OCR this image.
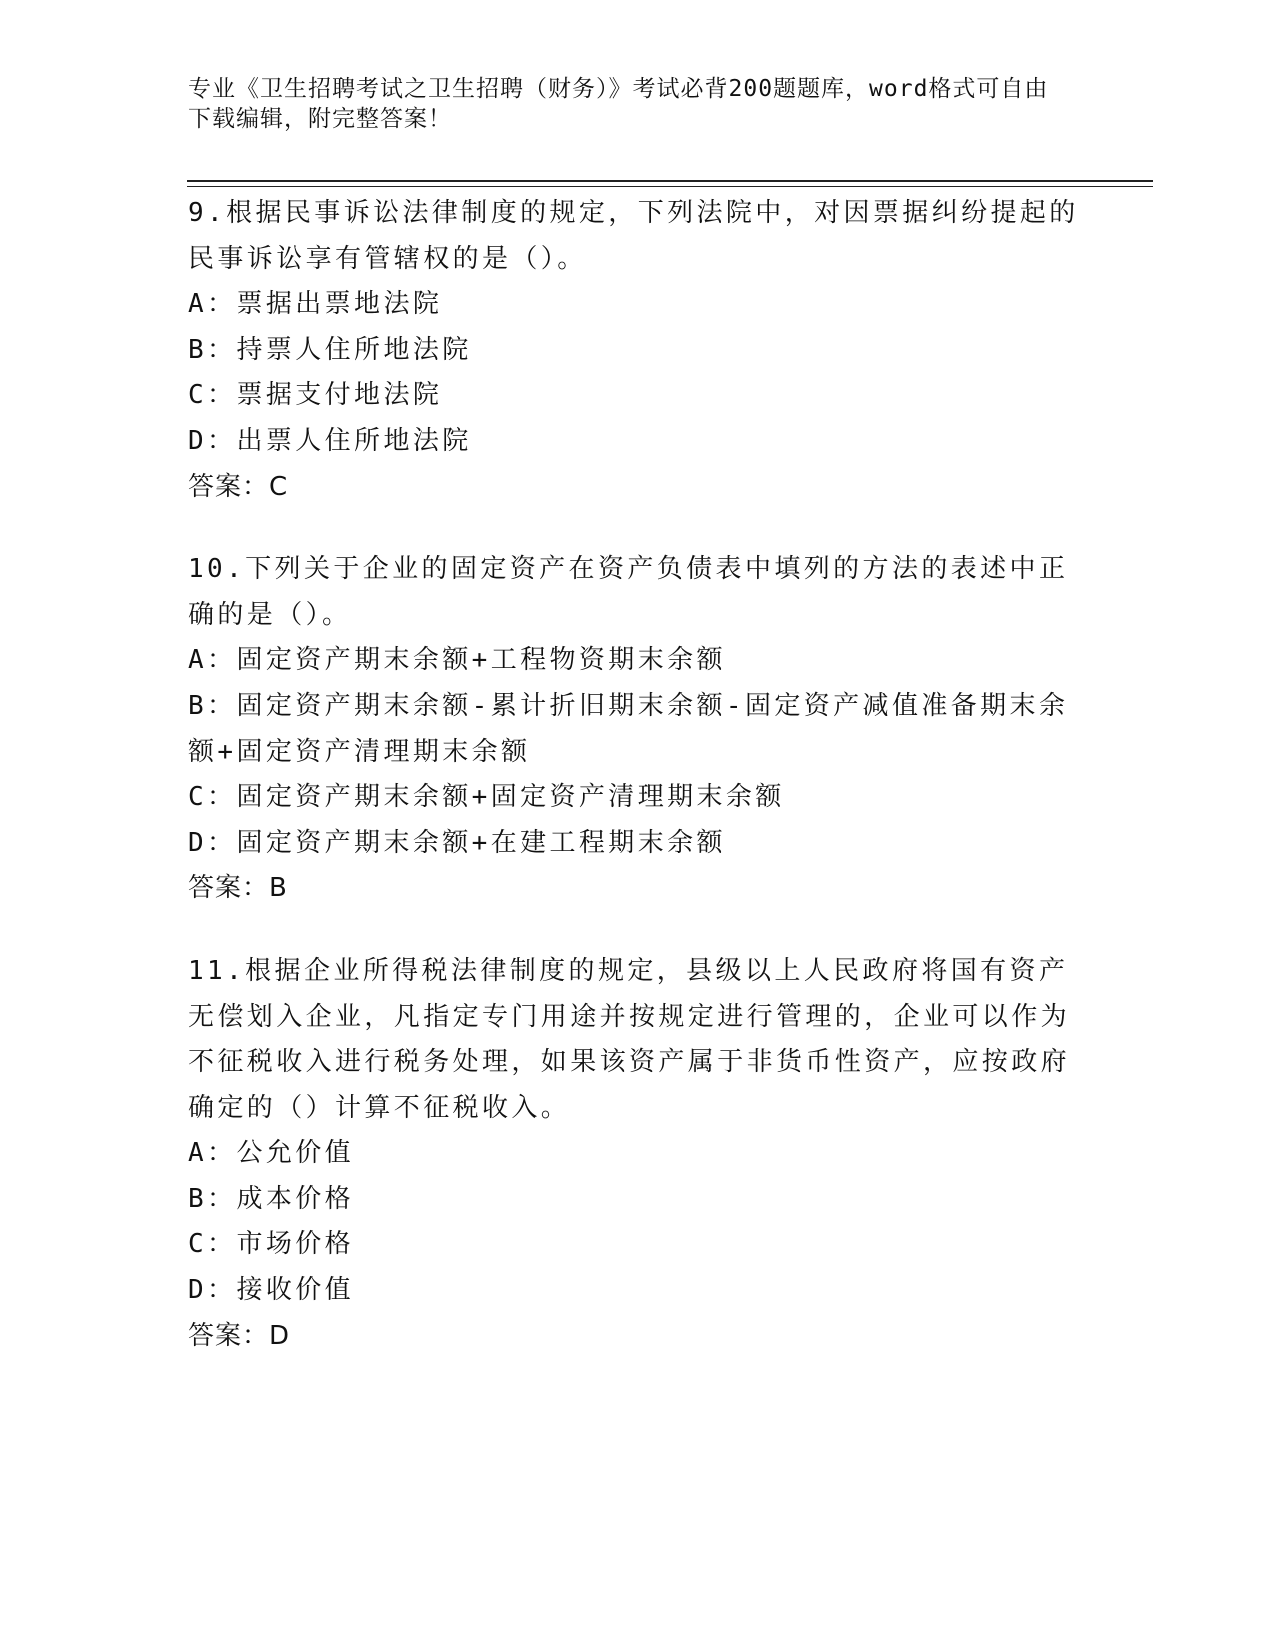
专业《卫生招聘考试之卫生招聘（财务）》考试必背200题题库，word格式可自由下载编辑，附完整答案！

9.根据民事诉讼法律制度的规定，下列法院中，对因票据纠纷提起的民事诉讼享有管辖权的是（）。

A：票据出票地法院

B：持票人住所地法院

C：票据支付地法院

D：出票人住所地法院

答案：C

10.下列关于企业的固定资产在资产负债表中填列的方法的表述中正确的是（）。

A：固定资产期末余额+工程物资期末余额

B：固定资产期末余额-累计折旧期末余额-固定资产减值准备期末余额+固定资产清理期末余额

C：固定资产期末余额+固定资产清理期末余额

D：固定资产期末余额+在建工程期末余额

答案：B

11.根据企业所得税法律制度的规定，县级以上人民政府将国有资产无偿划入企业，凡指定专门用途并按规定进行管理的，企业可以作为不征税收入进行税务处理，如果该资产属于非货币性资产，应按政府确定的（）计算不征税收入。

A：公允价值

B：成本价格

C：市场价格

D：接收价值

答案：D
